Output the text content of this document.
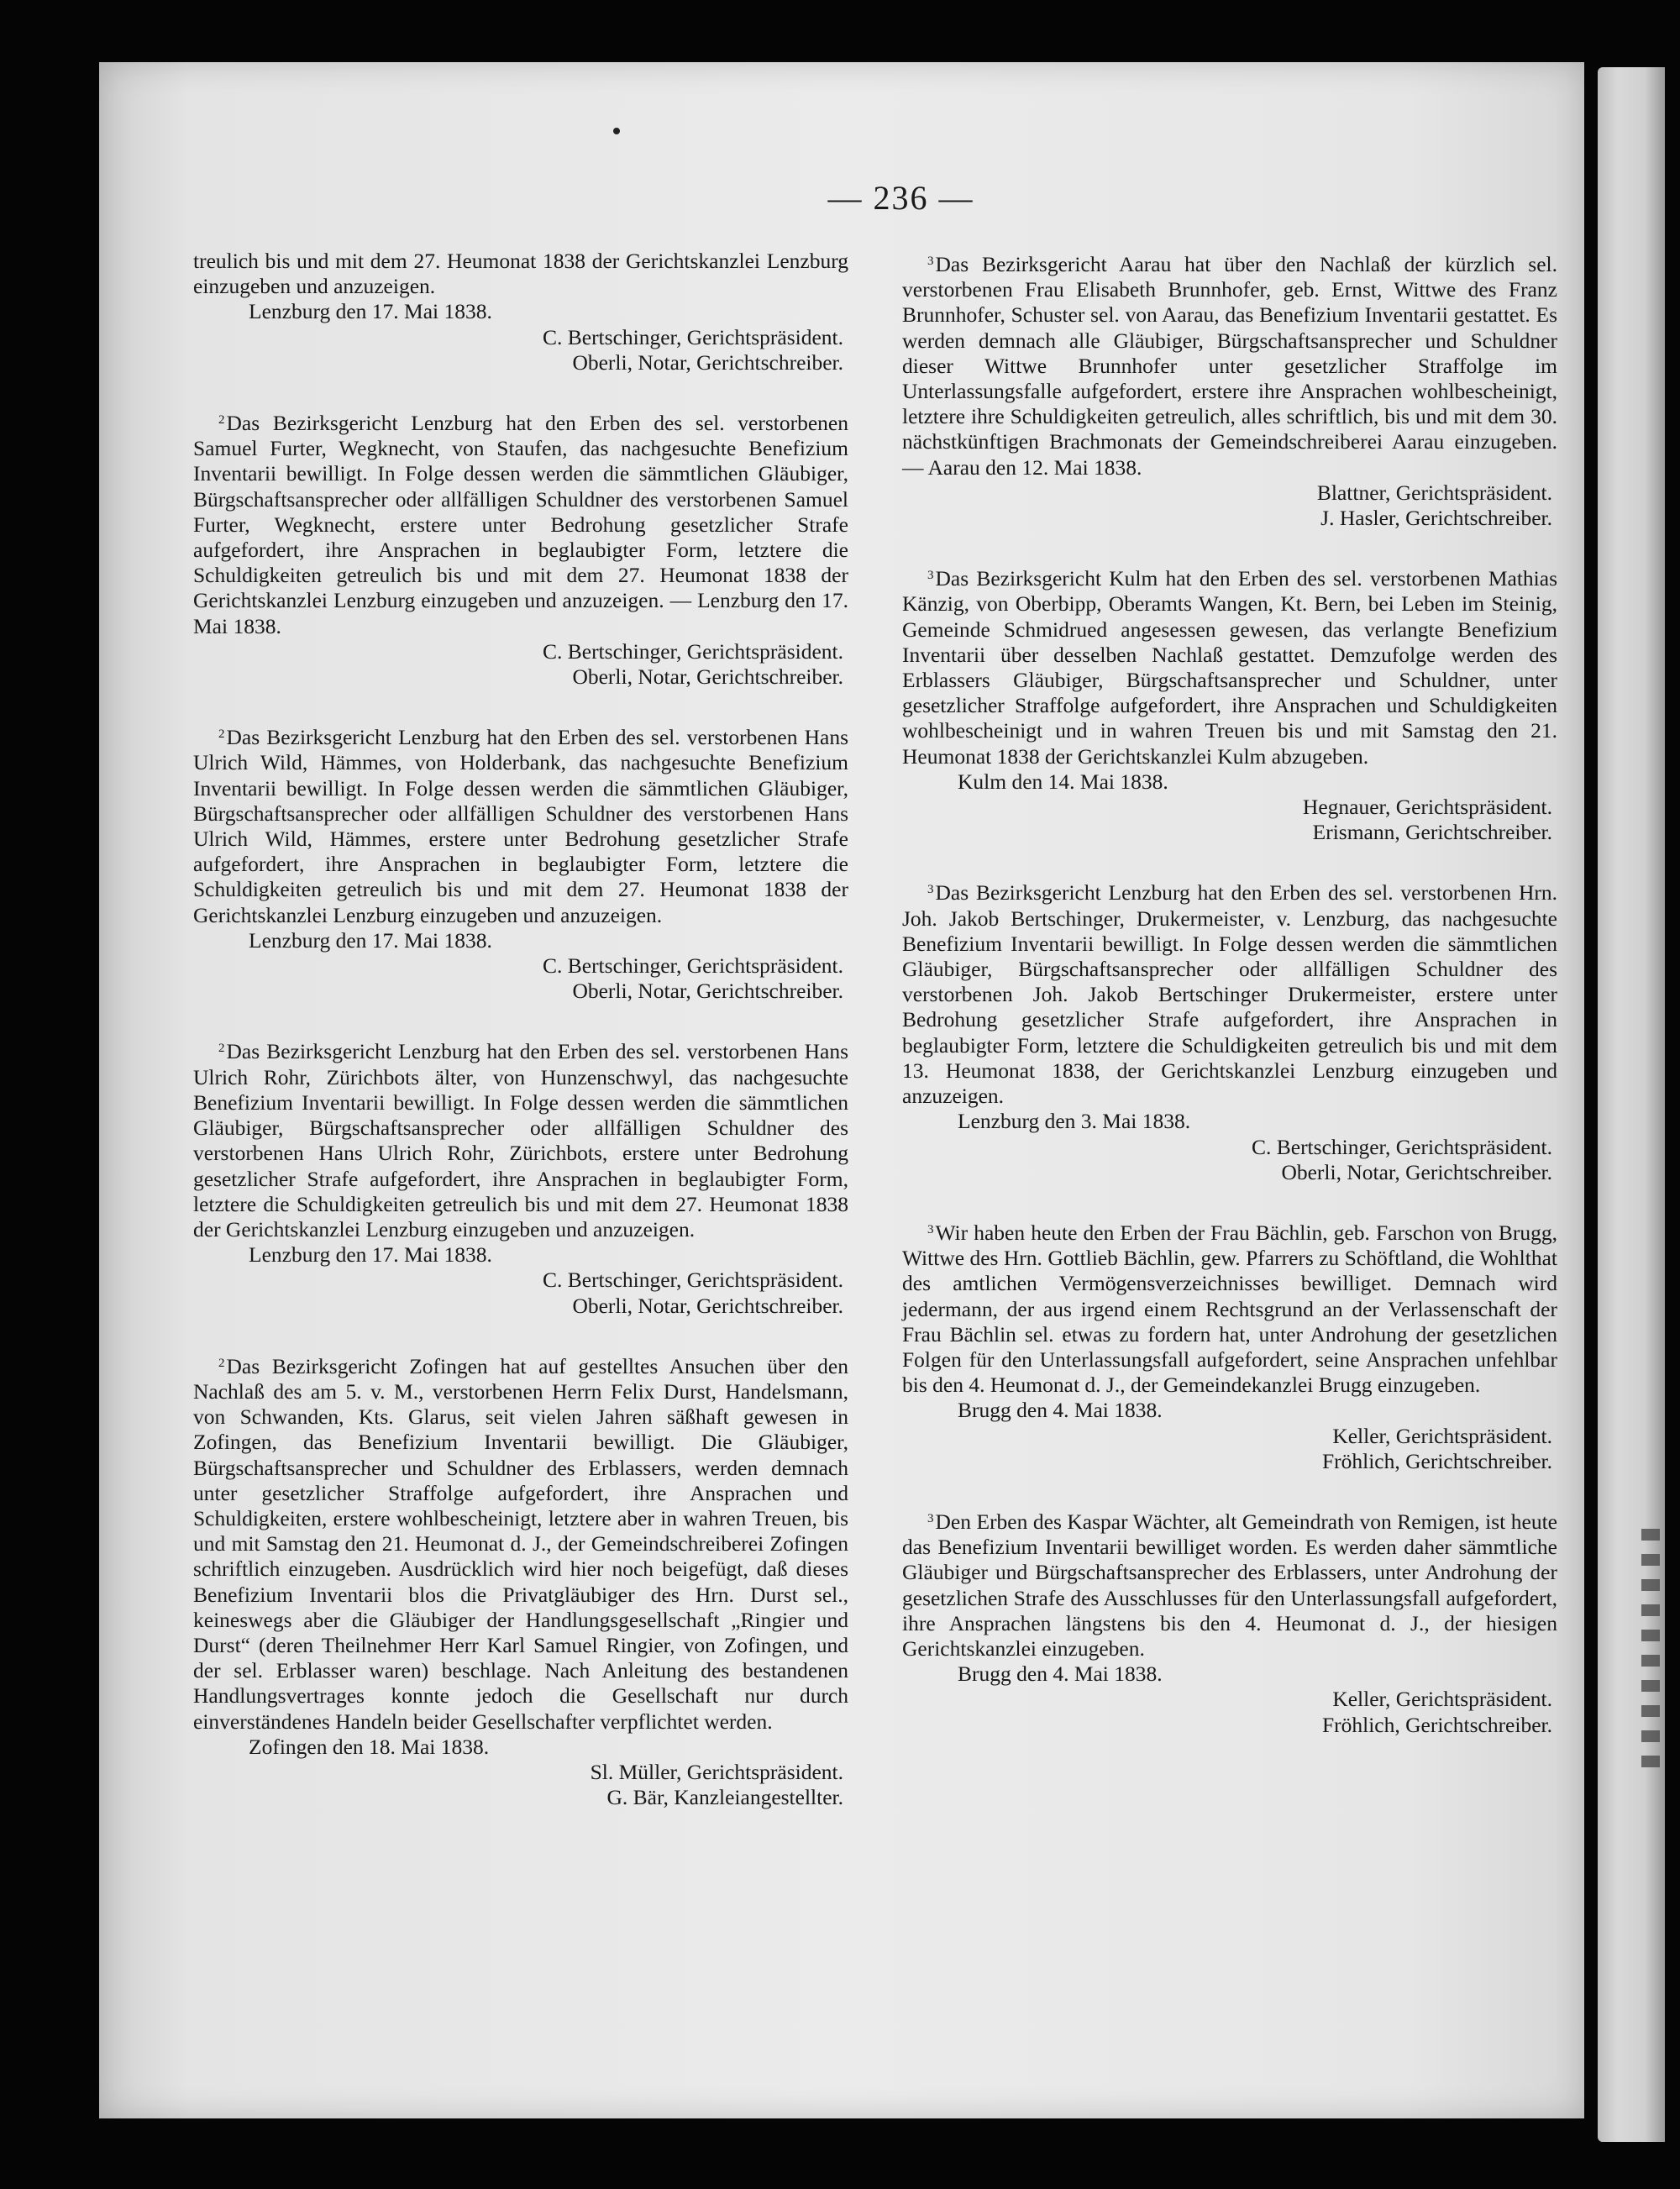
— 236 —

treulich bis und mit dem 27. Heumonat 1838 der Gerichtskanzlei Lenzburg einzugeben und anzuzeigen.

Lenzburg den 17. Mai 1838.

C. Bertschinger, Gerichtspräsident.

Oberli, Notar, Gerichtschreiber.

$^2$Das Bezirksgericht Lenzburg hat den Erben des sel. verstorbenen Samuel Furter, Wegknecht, von Staufen, das nachgesuchte Benefizium Inventarii bewilligt. In Folge dessen werden die sämmtlichen Gläubiger, Bürgschaftsansprecher oder allfälligen Schuldner des verstorbenen Samuel Furter, Wegknecht, erstere unter Bedrohung gesetzlicher Strafe aufgefordert, ihre Ansprachen in beglaubigter Form, letztere die Schuldigkeiten getreulich bis und mit dem 27. Heumonat 1838 der Gerichtskanzlei Lenzburg einzugeben und anzuzeigen. — Lenzburg den 17. Mai 1838.

C. Bertschinger, Gerichtspräsident.

Oberli, Notar, Gerichtschreiber.

$^2$Das Bezirksgericht Lenzburg hat den Erben des sel. verstorbenen Hans Ulrich Wild, Hämmes, von Holderbank, das nachgesuchte Benefizium Inventarii bewilligt. In Folge dessen werden die sämmtlichen Gläubiger, Bürgschaftsansprecher oder allfälligen Schuldner des verstorbenen Hans Ulrich Wild, Hämmes, erstere unter Bedrohung gesetzlicher Strafe aufgefordert, ihre Ansprachen in beglaubigter Form, letztere die Schuldigkeiten getreulich bis und mit dem 27. Heumonat 1838 der Gerichtskanzlei Lenzburg einzugeben und anzuzeigen.

Lenzburg den 17. Mai 1838.

C. Bertschinger, Gerichtspräsident.

Oberli, Notar, Gerichtschreiber.

$^2$Das Bezirksgericht Lenzburg hat den Erben des sel. verstorbenen Hans Ulrich Rohr, Zürichbots älter, von Hunzenschwyl, das nachgesuchte Benefizium Inventarii bewilligt. In Folge dessen werden die sämmtlichen Gläubiger, Bürgschaftsansprecher oder allfälligen Schuldner des verstorbenen Hans Ulrich Rohr, Zürichbots, erstere unter Bedrohung gesetzlicher Strafe aufgefordert, ihre Ansprachen in beglaubigter Form, letztere die Schuldigkeiten getreulich bis und mit dem 27. Heumonat 1838 der Gerichtskanzlei Lenzburg einzugeben und anzuzeigen.

Lenzburg den 17. Mai 1838.

C. Bertschinger, Gerichtspräsident.

Oberli, Notar, Gerichtschreiber.

$^2$Das Bezirksgericht Zofingen hat auf gestelltes Ansuchen über den Nachlaß des am 5. v. M., verstorbenen Herrn Felix Durst, Handelsmann, von Schwanden, Kts. Glarus, seit vielen Jahren säßhaft gewesen in Zofingen, das Benefizium Inventarii bewilligt. Die Gläubiger, Bürgschaftsansprecher und Schuldner des Erblassers, werden demnach unter gesetzlicher Straffolge aufgefordert, ihre Ansprachen und Schuldigkeiten, erstere wohlbescheinigt, letztere aber in wahren Treuen, bis und mit Samstag den 21. Heumonat d. J., der Gemeindschreiberei Zofingen schriftlich einzugeben. Ausdrücklich wird hier noch beigefügt, daß dieses Benefizium Inventarii blos die Privatgläubiger des Hrn. Durst sel., keineswegs aber die Gläubiger der Handlungsgesellschaft „Ringier und Durst“ (deren Theilnehmer Herr Karl Samuel Ringier, von Zofingen, und der sel. Erblasser waren) beschlage. Nach Anleitung des bestandenen Handlungsvertrages konnte jedoch die Gesellschaft nur durch einverständenes Handeln beider Gesellschafter verpflichtet werden.

Zofingen den 18. Mai 1838.

Sl. Müller, Gerichtspräsident.

G. Bär, Kanzleiangestellter.

$^3$Das Bezirksgericht Aarau hat über den Nachlaß der kürzlich sel. verstorbenen Frau Elisabeth Brunnhofer, geb. Ernst, Wittwe des Franz Brunnhofer, Schuster sel. von Aarau, das Benefizium Inventarii gestattet. Es werden demnach alle Gläubiger, Bürgschaftsansprecher und Schuldner dieser Wittwe Brunnhofer unter gesetzlicher Straffolge im Unterlassungsfalle aufgefordert, erstere ihre Ansprachen wohlbescheinigt, letztere ihre Schuldigkeiten getreulich, alles schriftlich, bis und mit dem 30. nächstkünftigen Brachmonats der Gemeindschreiberei Aarau einzugeben. — Aarau den 12. Mai 1838.

Blattner, Gerichtspräsident.

J. Hasler, Gerichtschreiber.

$^3$Das Bezirksgericht Kulm hat den Erben des sel. verstorbenen Mathias Känzig, von Oberbipp, Oberamts Wangen, Kt. Bern, bei Leben im Steinig, Gemeinde Schmidrued angesessen gewesen, das verlangte Benefizium Inventarii über desselben Nachlaß gestattet. Demzufolge werden des Erblassers Gläubiger, Bürgschaftsansprecher und Schuldner, unter gesetzlicher Straffolge aufgefordert, ihre Ansprachen und Schuldigkeiten wohlbescheinigt und in wahren Treuen bis und mit Samstag den 21. Heumonat 1838 der Gerichtskanzlei Kulm abzugeben.

Kulm den 14. Mai 1838.

Hegnauer, Gerichtspräsident.

Erismann, Gerichtschreiber.

$^3$Das Bezirksgericht Lenzburg hat den Erben des sel. verstorbenen Hrn. Joh. Jakob Bertschinger, Drukermeister, v. Lenzburg, das nachgesuchte Benefizium Inventarii bewilligt. In Folge dessen werden die sämmtlichen Gläubiger, Bürgschaftsansprecher oder allfälligen Schuldner des verstorbenen Joh. Jakob Bertschinger Drukermeister, erstere unter Bedrohung gesetzlicher Strafe aufgefordert, ihre Ansprachen in beglaubigter Form, letztere die Schuldigkeiten getreulich bis und mit dem 13. Heumonat 1838, der Gerichtskanzlei Lenzburg einzugeben und anzuzeigen.

Lenzburg den 3. Mai 1838.

C. Bertschinger, Gerichtspräsident.

Oberli, Notar, Gerichtschreiber.

$^3$Wir haben heute den Erben der Frau Bächlin, geb. Farschon von Brugg, Wittwe des Hrn. Gottlieb Bächlin, gew. Pfarrers zu Schöftland, die Wohlthat des amtlichen Vermögensverzeichnisses bewilliget. Demnach wird jedermann, der aus irgend einem Rechtsgrund an der Verlassenschaft der Frau Bächlin sel. etwas zu fordern hat, unter Androhung der gesetzlichen Folgen für den Unterlassungsfall aufgefordert, seine Ansprachen unfehlbar bis den 4. Heumonat d. J., der Gemeindekanzlei Brugg einzugeben.

Brugg den 4. Mai 1838.

Keller, Gerichtspräsident.

Fröhlich, Gerichtschreiber.

$^3$Den Erben des Kaspar Wächter, alt Gemeindrath von Remigen, ist heute das Benefizium Inventarii bewilliget worden. Es werden daher sämmtliche Gläubiger und Bürgschaftsansprecher des Erblassers, unter Androhung der gesetzlichen Strafe des Ausschlusses für den Unterlassungsfall aufgefordert, ihre Ansprachen längstens bis den 4. Heumonat d. J., der hiesigen Gerichtskanzlei einzugeben.

Brugg den 4. Mai 1838.

Keller, Gerichtspräsident.

Fröhlich, Gerichtschreiber.
